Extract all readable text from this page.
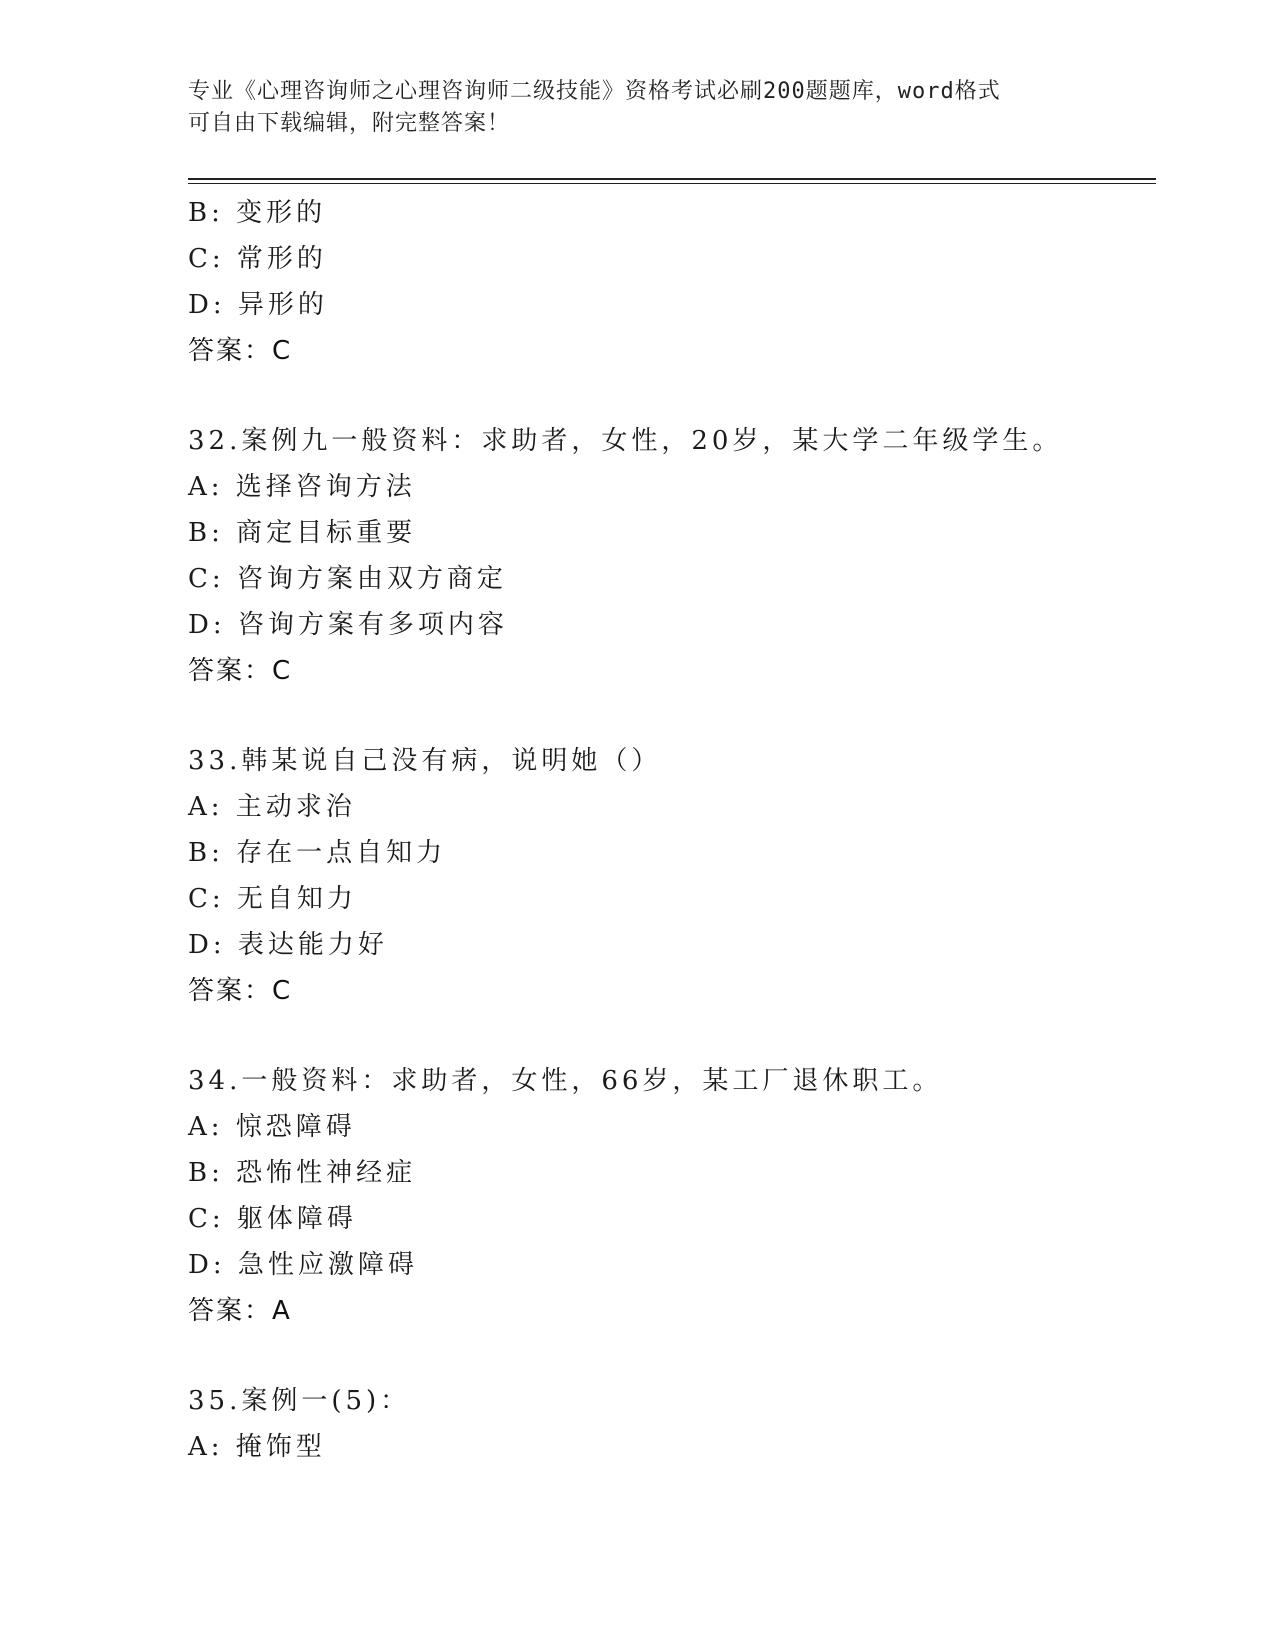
专业《心理咨询师之心理咨询师二级技能》资格考试必刷200题题库，word格式
可自由下载编辑，附完整答案！
B: 变形的
C: 常形的
D: 异形的
答案：C
32.案例九一般资料：求助者，女性，20岁，某大学二年级学生。
A: 选择咨询方法
B: 商定目标重要
C: 咨询方案由双方商定
D: 咨询方案有多项内容
答案：C
33.韩某说自己没有病，说明她（）
A: 主动求治
B: 存在一点自知力
C: 无自知力
D: 表达能力好
答案：C
34.一般资料：求助者，女性，66岁，某工厂退休职工。
A: 惊恐障碍
B: 恐怖性神经症
C: 躯体障碍
D: 急性应激障碍
答案：A
35.案例一(5)：
A: 掩饰型
